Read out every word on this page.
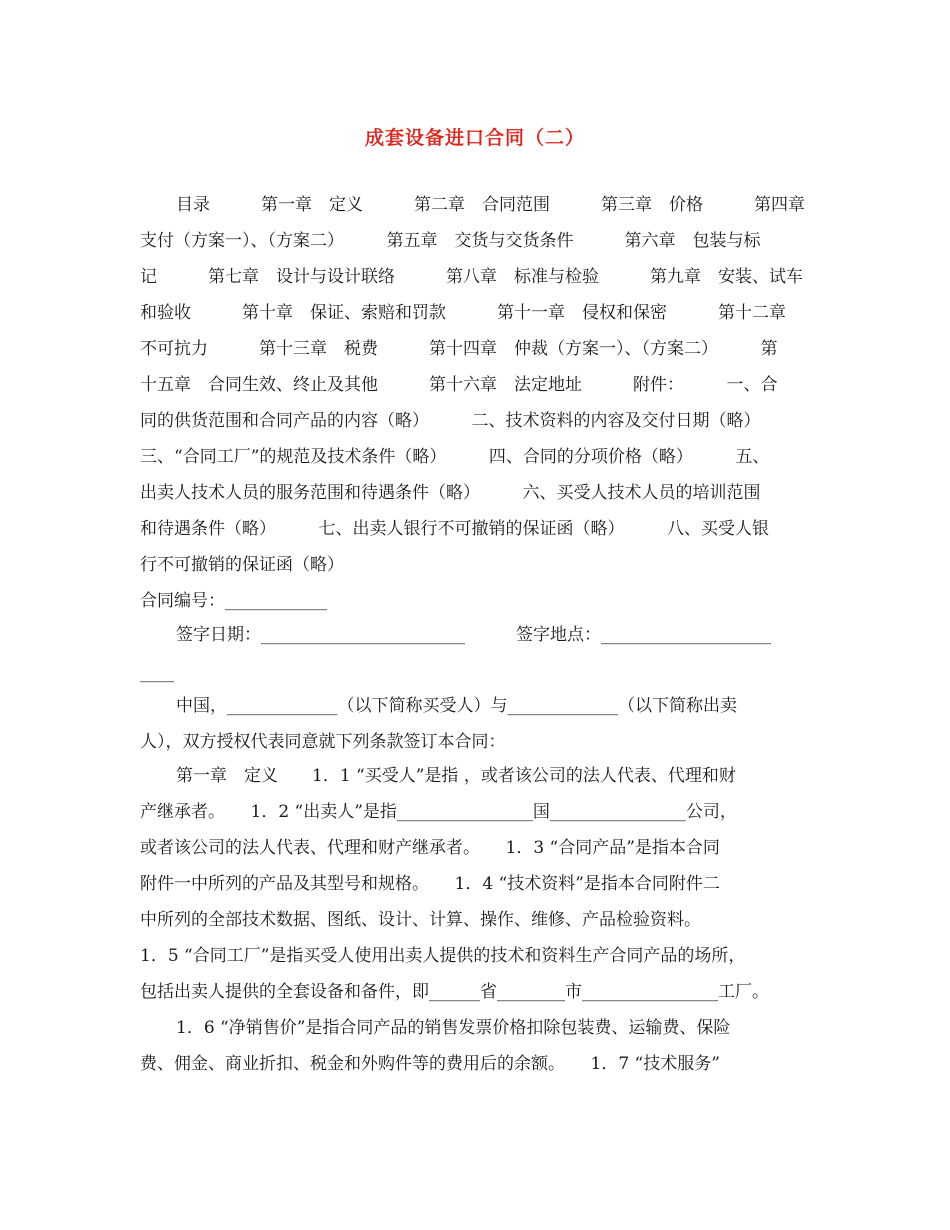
成套设备进口合同（二）
目录　　　第一章　定义　　　第二章　合同范围　　　第三章　价格　　　第四章
支付（方案一）、（方案二）　　　第五章　交货与交货条件　　　第六章　包装与标
记　　　第七章　设计与设计联络　　　第八章　标准与检验　　　第九章　安装、试车
和验收　　　第十章　保证、索赔和罚款　　　第十一章　侵权和保密　　　第十二章
不可抗力　　　第十三章　税费　　　第十四章　仲裁（方案一）、（方案二）　　　第
十五章　合同生效、终止及其他　　　第十六章　法定地址　　　附件：　　　一、合
同的供货范围和合同产品的内容（略）　　　二、技术资料的内容及交付日期（略）
三、“合同工厂”的规范及技术条件（略）　　　四、合同的分项价格（略）　　　五、
出卖人技术人员的服务范围和待遇条件（略）　　　六、买受人技术人员的培训范围
和待遇条件（略）　　　七、出卖人银行不可撤销的保证函（略）　　　八、买受人银
行不可撤销的保证函（略）
合同编号：____________
签字日期：________________________　　　签字地点：____________________
____
中国，_____________（以下简称买受人）与_____________（以下简称出卖
人），双方授权代表同意就下列条款签订本合同：
第一章　定义　　1．1 “买受人”是指 ，或者该公司的法人代表、代理和财
产继承者。　　1．2 “出卖人”是指________________国________________公司，
或者该公司的法人代表、代理和财产继承者。　　1．3 “合同产品”是指本合同
附件一中所列的产品及其型号和规格。　　1．4 “技术资料”是指本合同附件二
中所列的全部技术数据、图纸、设计、计算、操作、维修、产品检验资料。
1．5 “合同工厂”是指买受人使用出卖人提供的技术和资料生产合同产品的场所，
包括出卖人提供的全套设备和备件，即______省________市________________工厂。
1．6 “净销售价”是指合同产品的销售发票价格扣除包装费、运输费、保险
费、佣金、商业折扣、税金和外购件等的费用后的余额。　　1．7 “技术服务”
